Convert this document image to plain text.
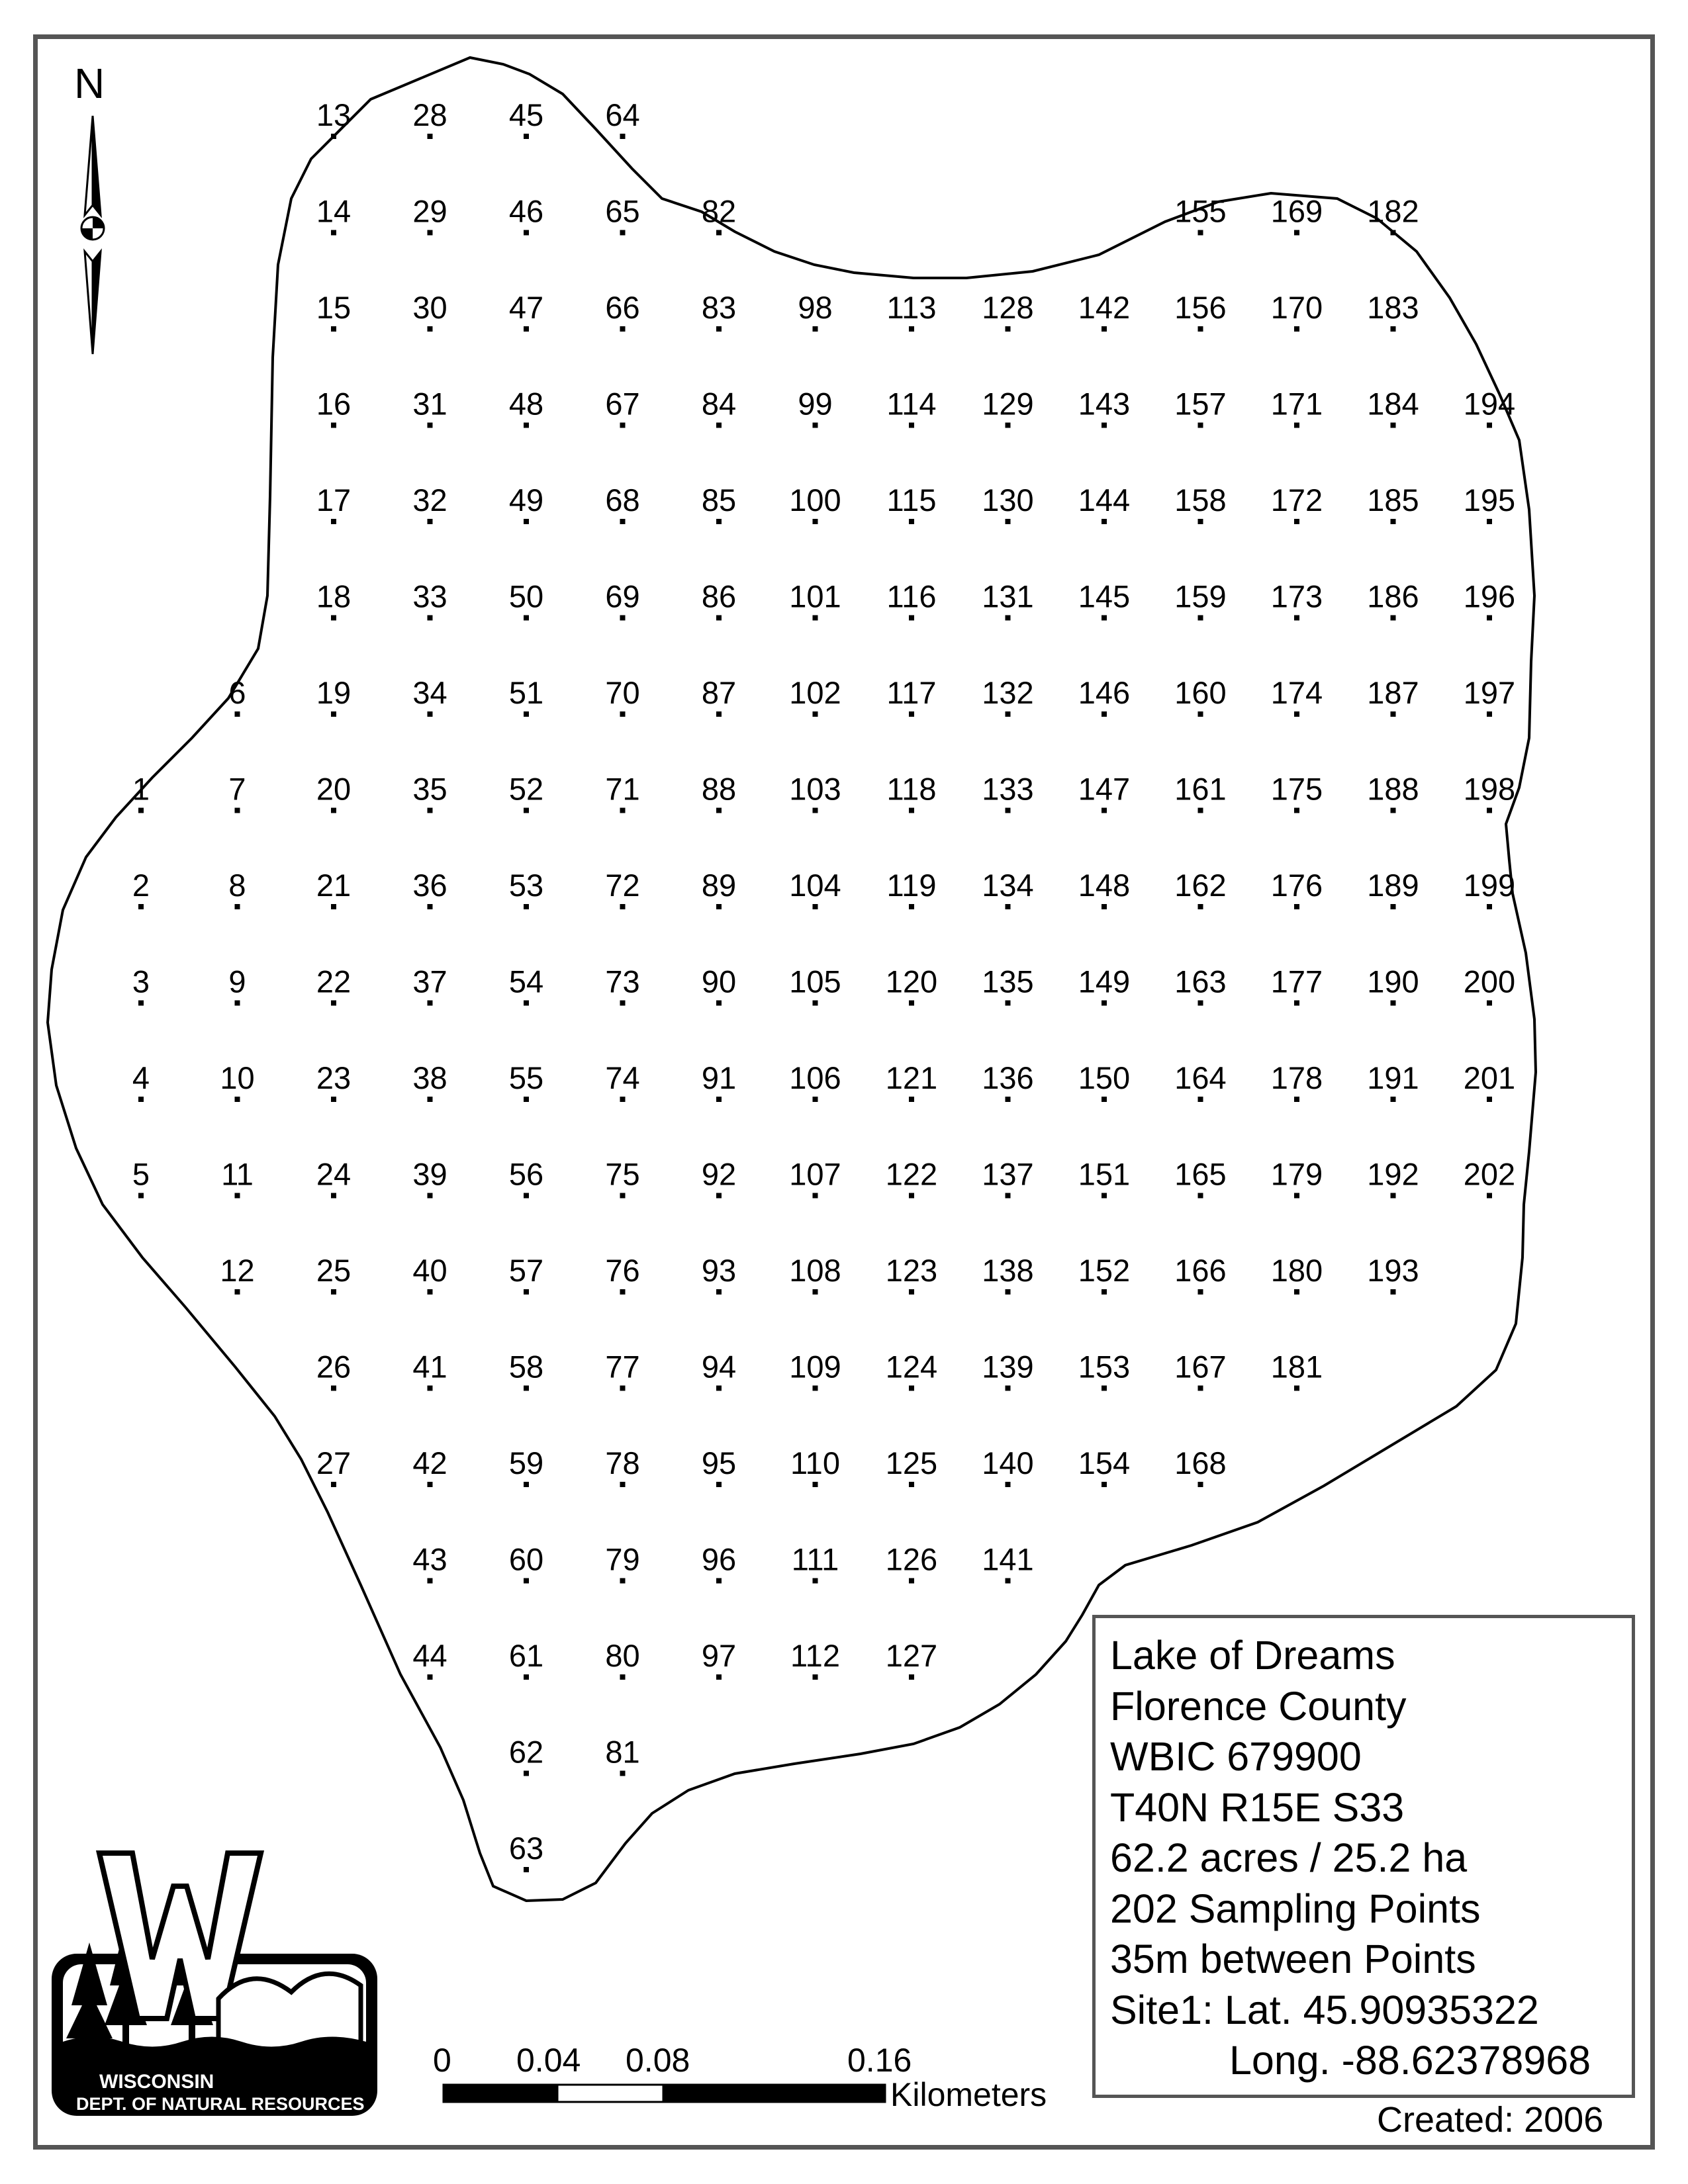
1
2
3
4
5
6
7
8
9
10
11
12
13
14
15
16
17
18
19
20
21
22
23
24
25
26
27
28
29
30
31
32
33
34
35
36
37
38
39
40
41
42
43
44
45
46
47
48
49
50
51
52
53
54
55
56
57
58
59
60
61
62
63
64
65
66
67
68
69
70
71
72
73
74
75
76
77
78
79
80
81
82
83
84
85
86
87
88
89
90
91
92
93
94
95
96
97
98
99
100
101
102
103
104
105
106
107
108
109
110
111
112
113
114
115
116
117
118
119
120
121
122
123
124
125
126
127
128
129
130
131
132
133
134
135
136
137
138
139
140
141
142
143
144
145
146
147
148
149
150
151
152
153
154
155
156
157
158
159
160
161
162
163
164
165
166
167
168
169
170
171
172
173
174
175
176
177
178
179
180
181
182
183
184
185
186
187
188
189
190
191
192
193
194
195
196
197
198
199
200
201
202
N
0 0.04 0.08	0.16
Kilometers
WISCONSIN
DEPT. OF NATURAL RESOURCES
Lake of Dreams
Florence County
WBIC 679900
T40N R15E S33
62.2 acres / 25.2 ha
202 Sampling Points
35m between Points
Site1: Lat. 45.90935322
Long. -88.62378968
Created: 2006
